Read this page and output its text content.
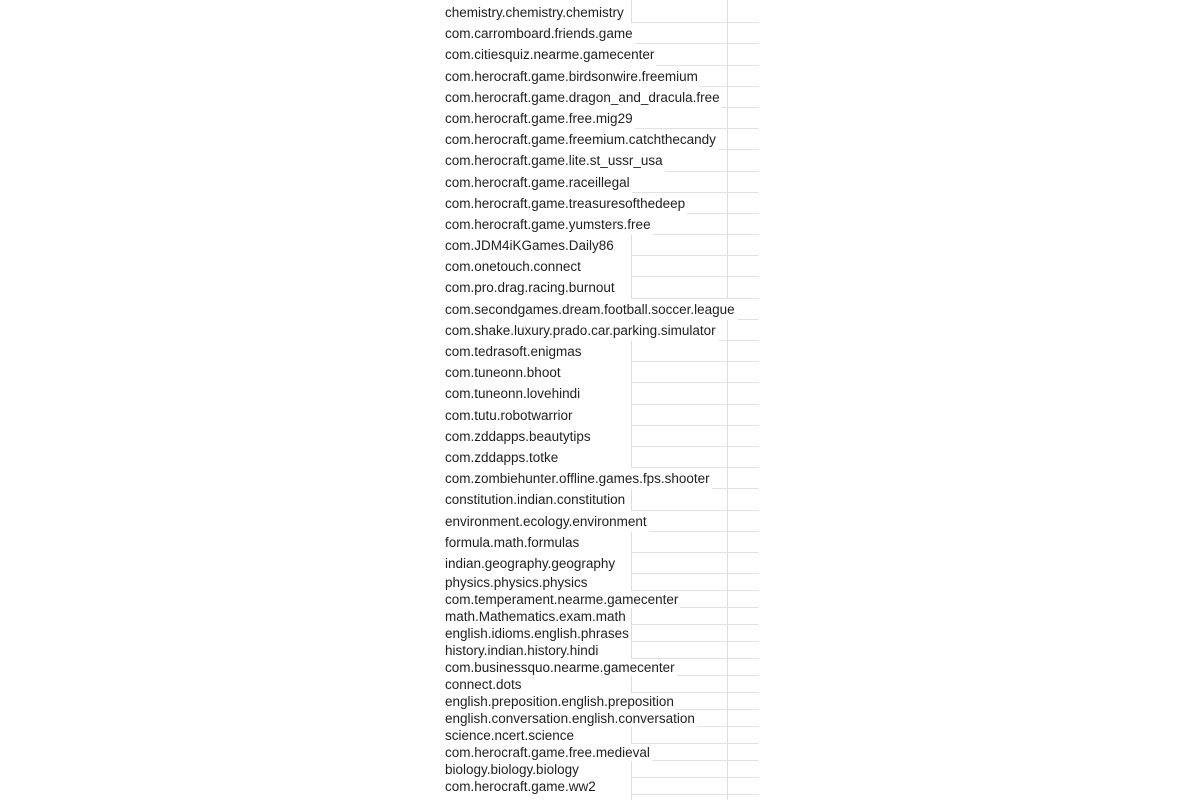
chemistry.chemistry.chemistry
com.carromboard.friends.game
com.citiesquiz.nearme.gamecenter
com.herocraft.game.birdsonwire.freemium
com.herocraft.game.dragon_and_dracula.free
com.herocraft.game.free.mig29
com.herocraft.game.freemium.catchthecandy
com.herocraft.game.lite.st_ussr_usa
com.herocraft.game.raceillegal
com.herocraft.game.treasuresofthedeep
com.herocraft.game.yumsters.free
com.JDM4iKGames.Daily86
com.onetouch.connect
com.pro.drag.racing.burnout
com.secondgames.dream.football.soccer.league
com.shake.luxury.prado.car.parking.simulator
com.tedrasoft.enigmas
com.tuneonn.bhoot
com.tuneonn.lovehindi
com.tutu.robotwarrior
com.zddapps.beautytips
com.zddapps.totke
com.zombiehunter.offline.games.fps.shooter
constitution.indian.constitution
environment.ecology.environment
formula.math.formulas
indian.geography.geography
physics.physics.physics
com.temperament.nearme.gamecenter
math.Mathematics.exam.math
english.idioms.english.phrases
history.indian.history.hindi
com.businessquo.nearme.gamecenter
connect.dots
english.preposition.english.preposition
english.conversation.english.conversation
science.ncert.science
com.herocraft.game.free.medieval
biology.biology.biology
com.herocraft.game.ww2
